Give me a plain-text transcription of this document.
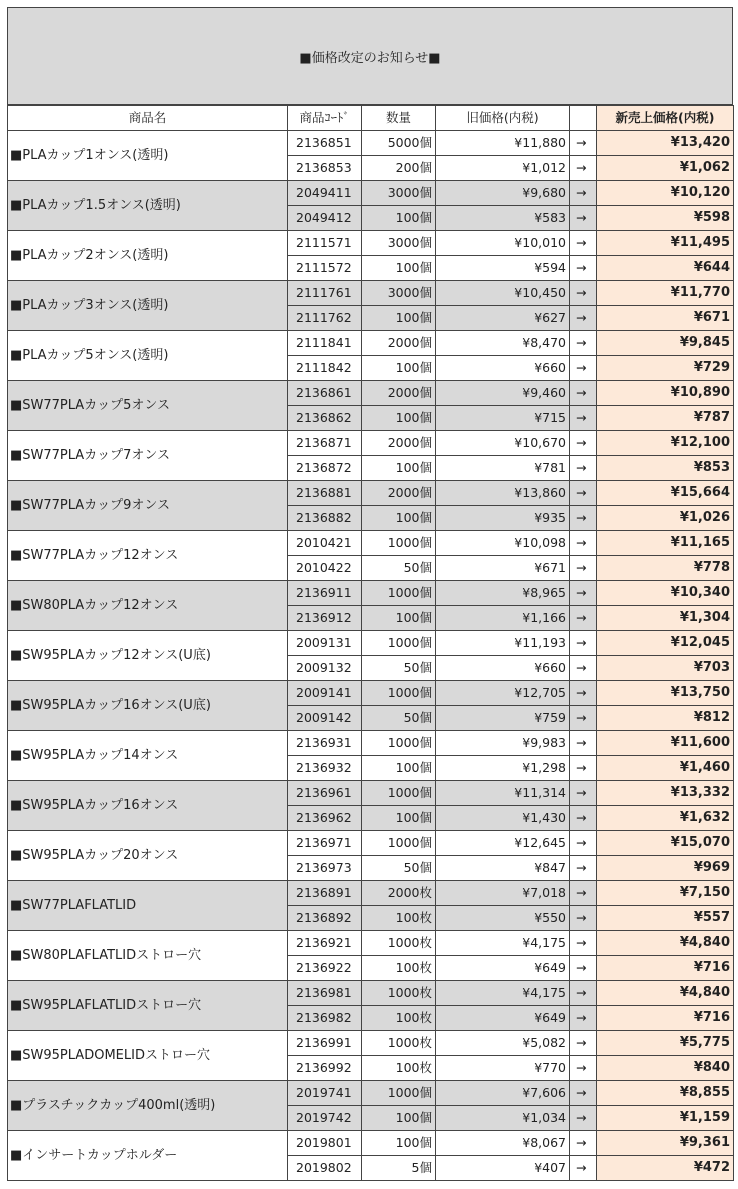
■価格改定のお知らせ■
商品名	商品ｺｰﾄﾞ	数量	旧価格(内税)		新売上価格(内税)
■PLAカップ1オンス(透明)	2136851	5000個	¥11,880	→	¥13,420
	2136853	200個	¥1,012	→	¥1,062
■PLAカップ1.5オンス(透明)	2049411	3000個	¥9,680	→	¥10,120
	2049412	100個	¥583	→	¥598
■PLAカップ2オンス(透明)	2111571	3000個	¥10,010	→	¥11,495
	2111572	100個	¥594	→	¥644
■PLAカップ3オンス(透明)	2111761	3000個	¥10,450	→	¥11,770
	2111762	100個	¥627	→	¥671
■PLAカップ5オンス(透明)	2111841	2000個	¥8,470	→	¥9,845
	2111842	100個	¥660	→	¥729
■SW77PLAカップ5オンス	2136861	2000個	¥9,460	→	¥10,890
	2136862	100個	¥715	→	¥787
■SW77PLAカップ7オンス	2136871	2000個	¥10,670	→	¥12,100
	2136872	100個	¥781	→	¥853
■SW77PLAカップ9オンス	2136881	2000個	¥13,860	→	¥15,664
	2136882	100個	¥935	→	¥1,026
■SW77PLAカップ12オンス	2010421	1000個	¥10,098	→	¥11,165
	2010422	50個	¥671	→	¥778
■SW80PLAカップ12オンス	2136911	1000個	¥8,965	→	¥10,340
	2136912	100個	¥1,166	→	¥1,304
■SW95PLAカップ12オンス(U底)	2009131	1000個	¥11,193	→	¥12,045
	2009132	50個	¥660	→	¥703
■SW95PLAカップ16オンス(U底)	2009141	1000個	¥12,705	→	¥13,750
	2009142	50個	¥759	→	¥812
■SW95PLAカップ14オンス	2136931	1000個	¥9,983	→	¥11,600
	2136932	100個	¥1,298	→	¥1,460
■SW95PLAカップ16オンス	2136961	1000個	¥11,314	→	¥13,332
	2136962	100個	¥1,430	→	¥1,632
■SW95PLAカップ20オンス	2136971	1000個	¥12,645	→	¥15,070
	2136973	50個	¥847	→	¥969
■SW77PLAFLATLID	2136891	2000枚	¥7,018	→	¥7,150
	2136892	100枚	¥550	→	¥557
■SW80PLAFLATLIDストロー穴	2136921	1000枚	¥4,175	→	¥4,840
	2136922	100枚	¥649	→	¥716
■SW95PLAFLATLIDストロー穴	2136981	1000枚	¥4,175	→	¥4,840
	2136982	100枚	¥649	→	¥716
■SW95PLADOMELIDストロー穴	2136991	1000枚	¥5,082	→	¥5,775
	2136992	100枚	¥770	→	¥840
■プラスチックカップ400ml(透明)	2019741	1000個	¥7,606	→	¥8,855
	2019742	100個	¥1,034	→	¥1,159
■インサートカップホルダー	2019801	100個	¥8,067	→	¥9,361
	2019802	5個	¥407	→	¥472
